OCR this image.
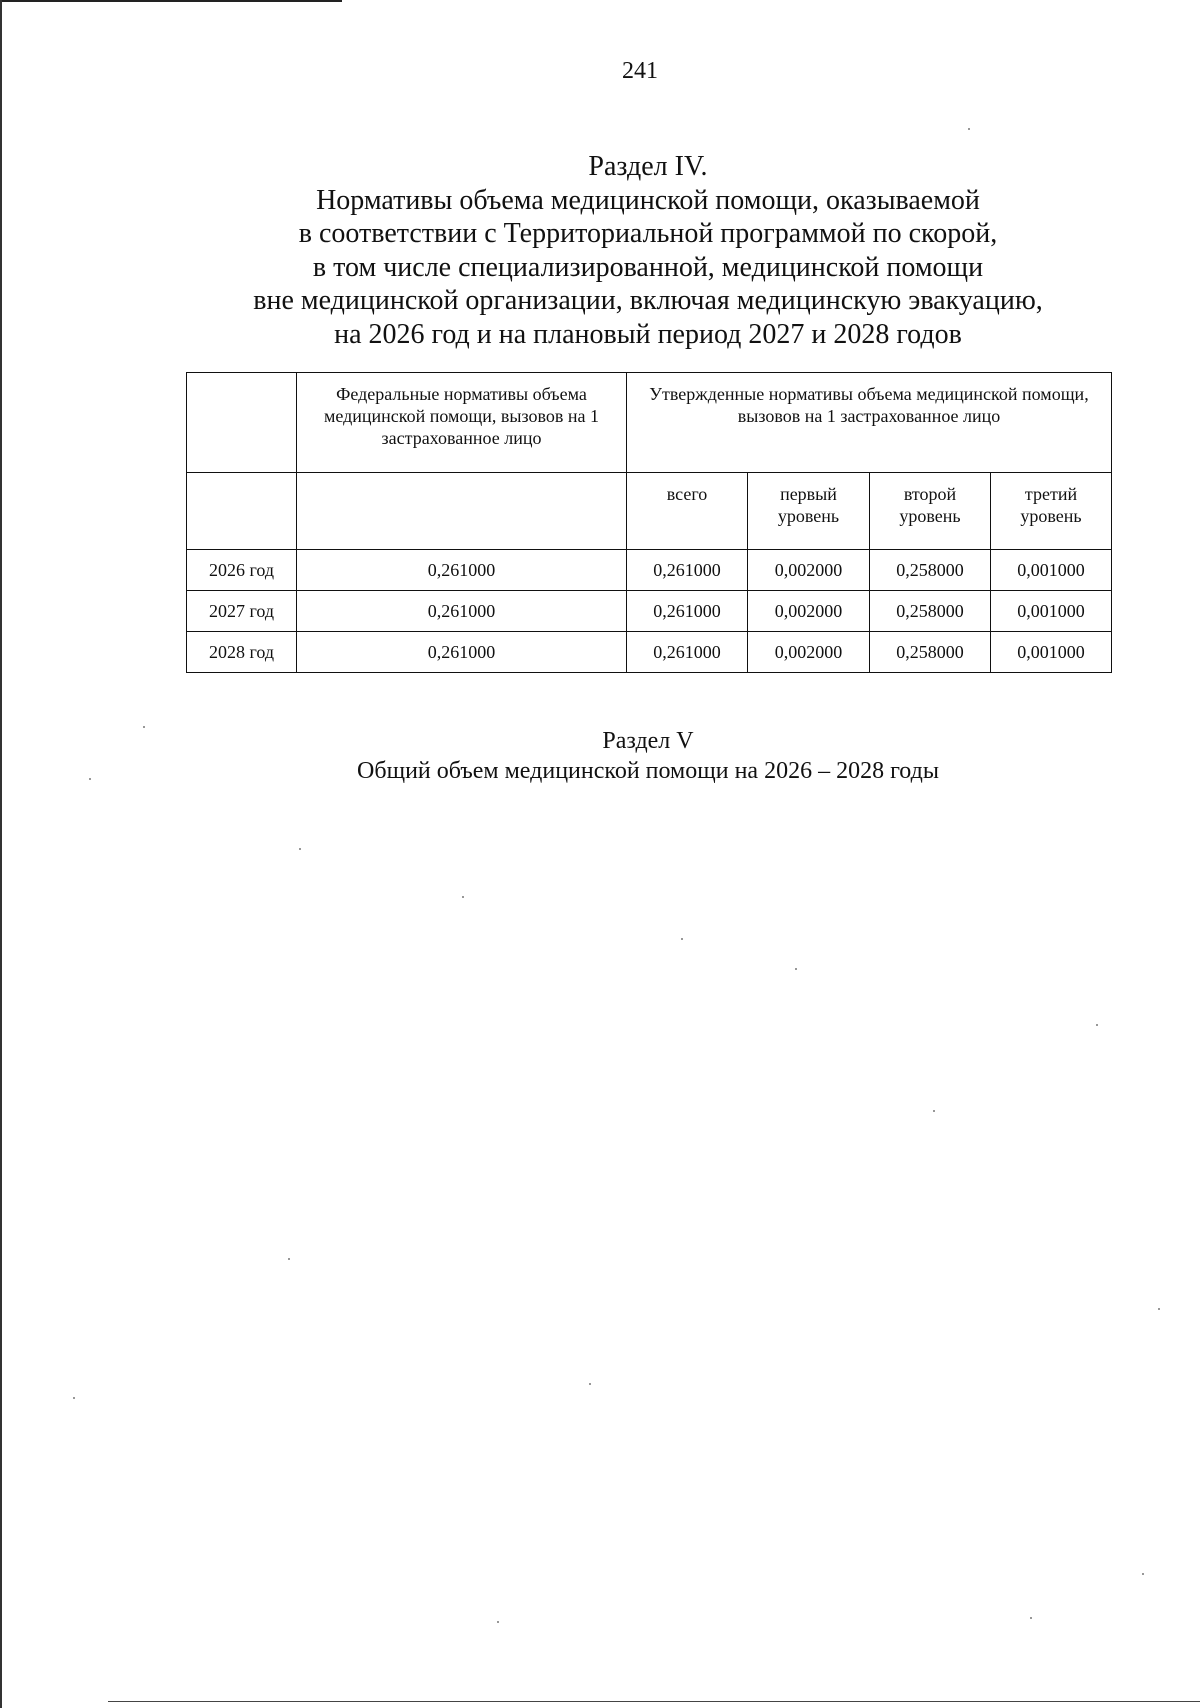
241
Раздел IV.
Нормативы объема медицинской помощи, оказываемой
в соответствии с Территориальной программой по скорой,
в том числе специализированной, медицинской помощи
вне медицинской организации, включая медицинскую эвакуацию,
на 2026 год и на плановый период 2027 и 2028 годов
	Федеральные нормативы объема медицинской помощи, вызовов на 1 застрахованное лицо	Утвержденные нормативы объема медицинской помощи, вызовов на 1 застрахованное лицо			
		всего	первый уровень	второй уровень	третий уровень
2026 год	0,261000	0,261000	0,002000	0,258000	0,001000
2027 год	0,261000	0,261000	0,002000	0,258000	0,001000
2028 год	0,261000	0,261000	0,002000	0,258000	0,001000
Раздел V
Общий объем медицинской помощи на 2026 – 2028 годы
